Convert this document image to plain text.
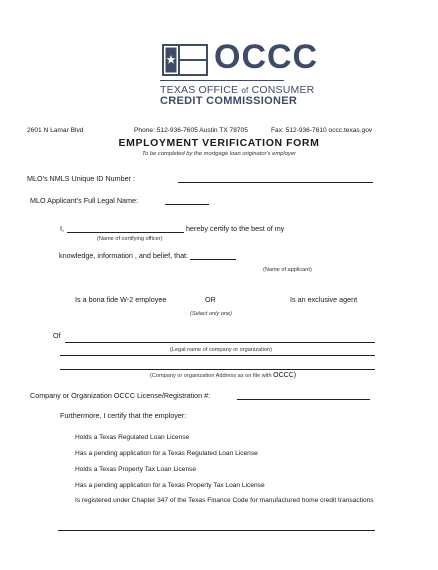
OCCC
TEXAS OFFICE of CONSUMER
CREDIT COMMISSIONER
2601 N Lamar Blvd	Phone: 512-936-7605 Austin TX 78705	Fax: 512-936-7610 occc.texas.gov
EMPLOYMENT VERIFICATION FORM
To be completed by the mortgage loan originator's employer
MLO's NMLS Unique ID Number :
MLO Applicant's Full Legal Name:
I,	hereby certify to the best of my
(Name of certifying officer)
knowledge, information , and belief, that:
(Name of applicant)
Is a bona fide W-2 employee	OR	Is an exclusive agent
(Select only one)
Of
(Legal name of company or organization)
(Company or organization Address as on file with OCCC)
Company or Organization OCCC License/Registration #:
Furthermore, I certify that the employer:
Holds a Texas Regulated Loan License
Has a pending application for a Texas Regulated Loan License
Holds a Texas Property Tax Loan License
Has a pending application for a Texas Property Tax Loan License
Is registered under Chapter 347 of the Texas Finance Code for manufactured home credit transactions
